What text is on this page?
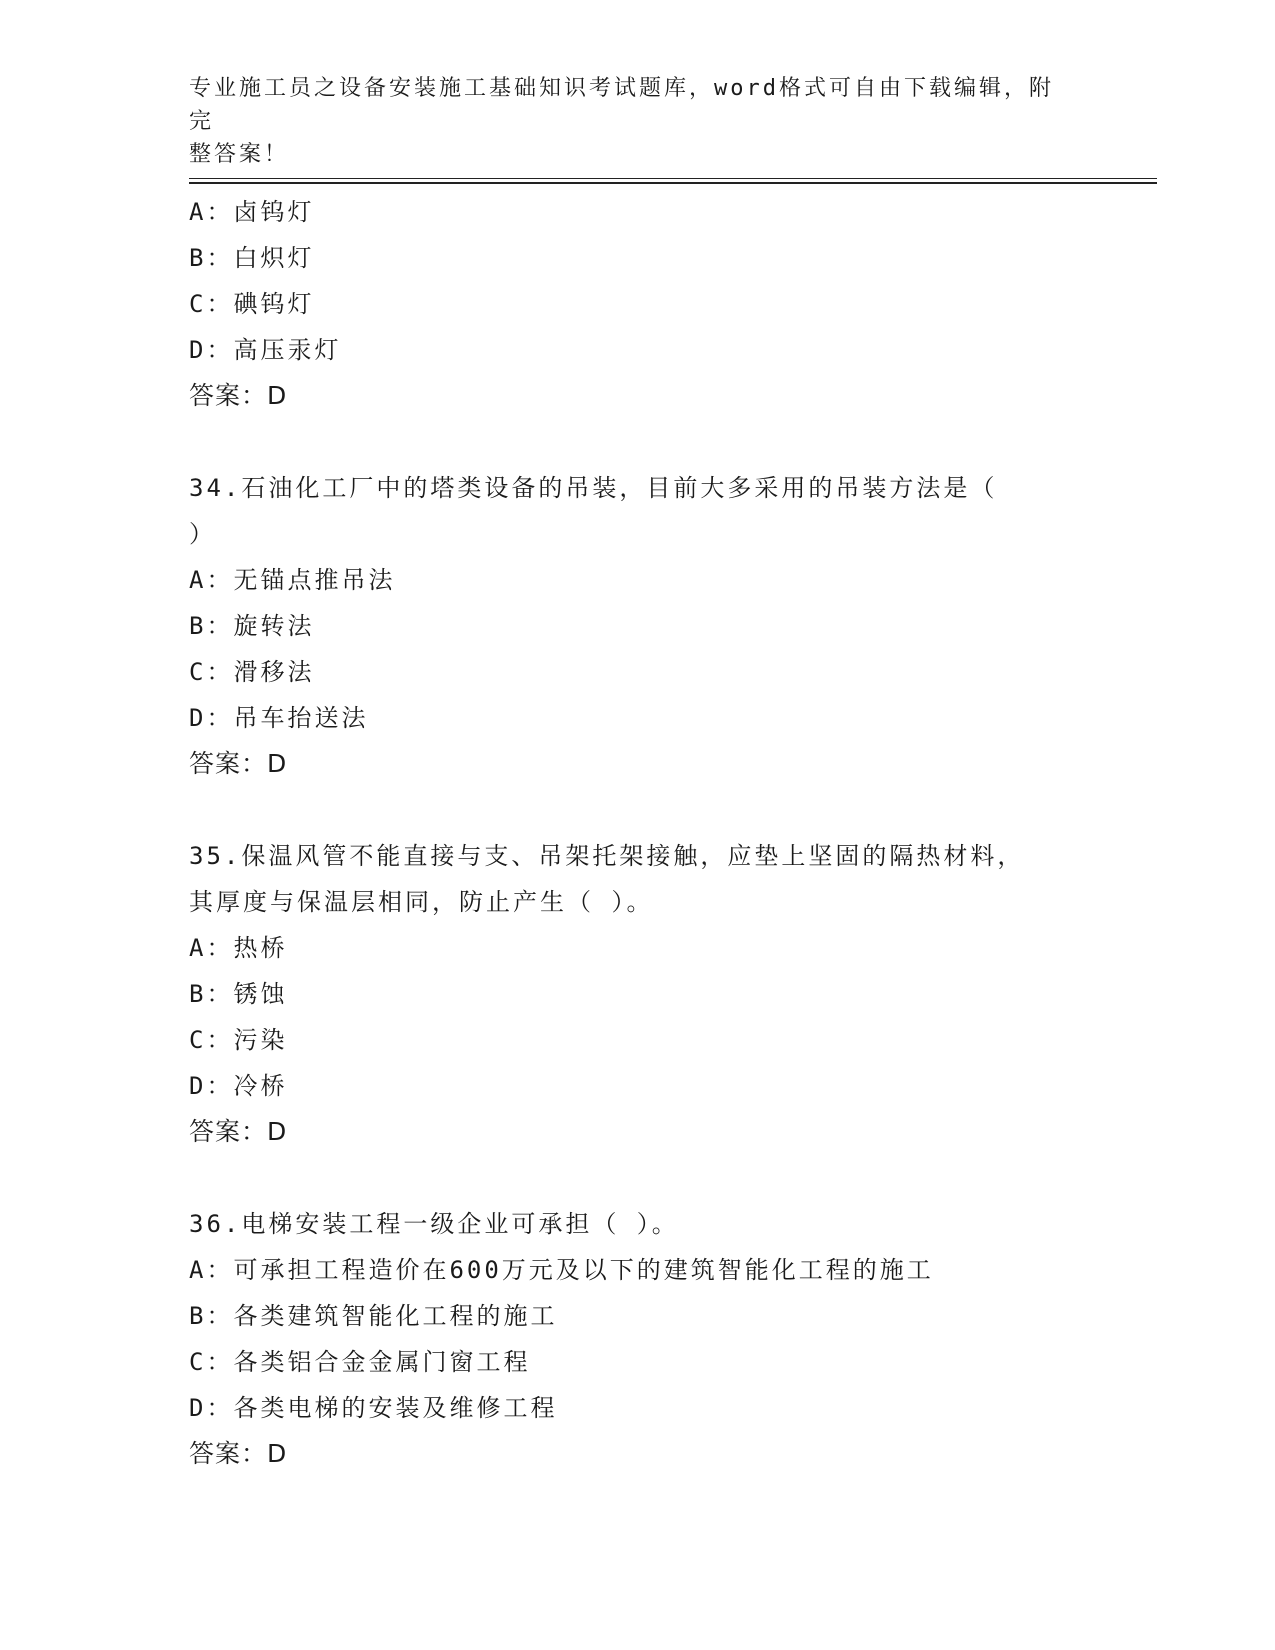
专业施工员之设备安装施工基础知识考试题库，word格式可自由下载编辑，附完
整答案！
A：卤钨灯
B：白炽灯
C：碘钨灯
D：高压汞灯
答案：D
34.石油化工厂中的塔类设备的吊装，目前大多采用的吊装方法是（
）
A：无锚点推吊法
B：旋转法
C：滑移法
D：吊车抬送法
答案：D
35.保温风管不能直接与支、吊架托架接触，应垫上坚固的隔热材料，
其厚度与保温层相同，防止产生（ ）。
A：热桥
B：锈蚀
C：污染
D：冷桥
答案：D
36.电梯安装工程一级企业可承担（ ）。
A：可承担工程造价在600万元及以下的建筑智能化工程的施工
B：各类建筑智能化工程的施工
C：各类铝合金金属门窗工程
D：各类电梯的安装及维修工程
答案：D
